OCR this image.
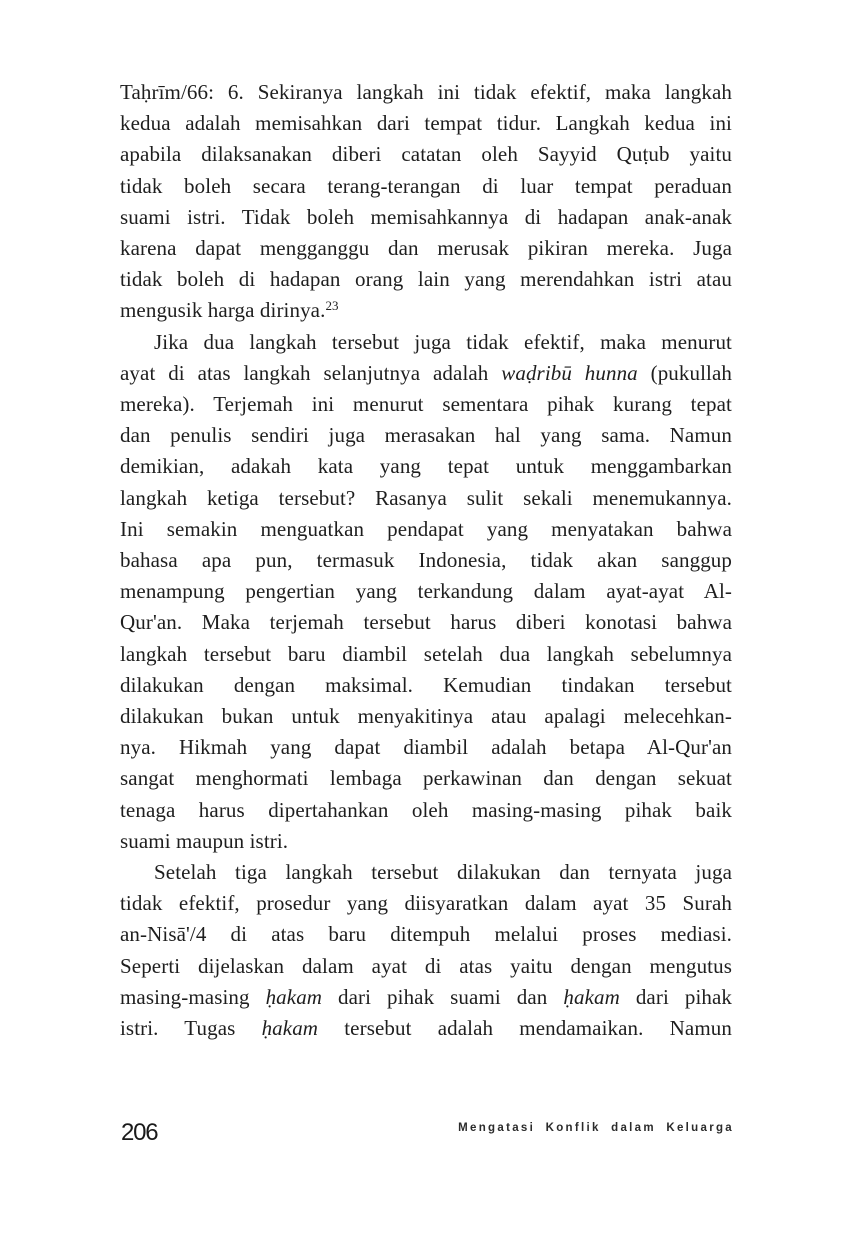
Taḥrīm/66: 6. Sekiranya langkah ini tidak efektif, maka langkah
kedua adalah memisahkan dari tempat tidur. Langkah kedua ini
apabila dilaksanakan diberi catatan oleh Sayyid Quṭub yaitu
tidak boleh secara terang-terangan di luar tempat peraduan
suami istri. Tidak boleh memisahkannya di hadapan anak-anak
karena dapat mengganggu dan merusak pikiran mereka. Juga
tidak boleh di hadapan orang lain yang merendahkan istri atau
mengusik harga dirinya.$^{23}$
Jika dua langkah tersebut juga tidak efektif, maka menurut
ayat di atas langkah selanjutnya adalah waḍribū hunna (pukullah
mereka). Terjemah ini menurut sementara pihak kurang tepat
dan penulis sendiri juga merasakan hal yang sama. Namun
demikian, adakah kata yang tepat untuk menggambarkan
langkah ketiga tersebut? Rasanya sulit sekali menemukannya.
Ini semakin menguatkan pendapat yang menyatakan bahwa
bahasa apa pun, termasuk Indonesia, tidak akan sanggup
menampung pengertian yang terkandung dalam ayat-ayat Al-
Qur'an. Maka terjemah tersebut harus diberi konotasi bahwa
langkah tersebut baru diambil setelah dua langkah sebelumnya
dilakukan dengan maksimal. Kemudian tindakan tersebut
dilakukan bukan untuk menyakitinya atau apalagi melecehkan-
nya. Hikmah yang dapat diambil adalah betapa Al-Qur'an
sangat menghormati lembaga perkawinan dan dengan sekuat
tenaga harus dipertahankan oleh masing-masing pihak baik
suami maupun istri.
Setelah tiga langkah tersebut dilakukan dan ternyata juga
tidak efektif, prosedur yang diisyaratkan dalam ayat 35 Surah
an-Nisā'/4 di atas baru ditempuh melalui proses mediasi.
Seperti dijelaskan dalam ayat di atas yaitu dengan mengutus
masing-masing ḥakam dari pihak suami dan ḥakam dari pihak
istri. Tugas ḥakam tersebut adalah mendamaikan. Namun
206	Mengatasi Konflik dalam Keluarga
